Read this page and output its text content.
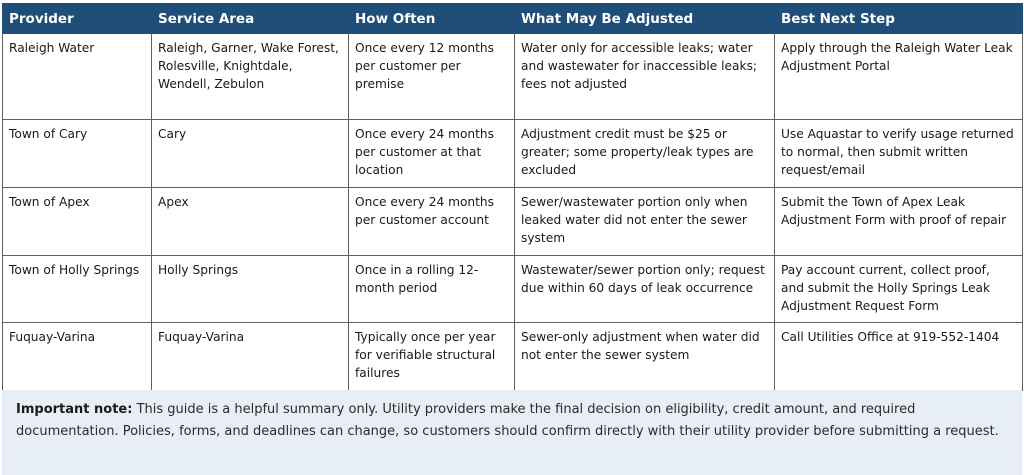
Provider	Service Area	How Often	What May Be Adjusted	Best Next Step
Raleigh Water	Raleigh, Garner, Wake Forest, Rolesville, Knightdale, Wendell, Zebulon	Once every 12 months per customer per premise	Water only for accessible leaks; water and wastewater for inaccessible leaks; fees not adjusted	Apply through the Raleigh Water Leak Adjustment Portal
Town of Cary	Cary	Once every 24 months per customer at that location	Adjustment credit must be $25 or greater; some property/leak types are excluded	Use Aquastar to verify usage returned to normal, then submit written request/email
Town of Apex	Apex	Once every 24 months per customer account	Sewer/wastewater portion only when leaked water did not enter the sewer system	Submit the Town of Apex Leak Adjustment Form with proof of repair
Town of Holly Springs	Holly Springs	Once in a rolling 12-month period	Wastewater/sewer portion only; request due within 60 days of leak occurrence	Pay account current, collect proof, and submit the Holly Springs Leak Adjustment Request Form
Fuquay-Varina	Fuquay-Varina	Typically once per year for verifiable structural failures	Sewer-only adjustment when water did not enter the sewer system	Call Utilities Office at 919-552-1404
Important note: This guide is a helpful summary only. Utility providers make the final decision on eligibility, credit amount, and required documentation. Policies, forms, and deadlines can change, so customers should confirm directly with their utility provider before submitting a request.
